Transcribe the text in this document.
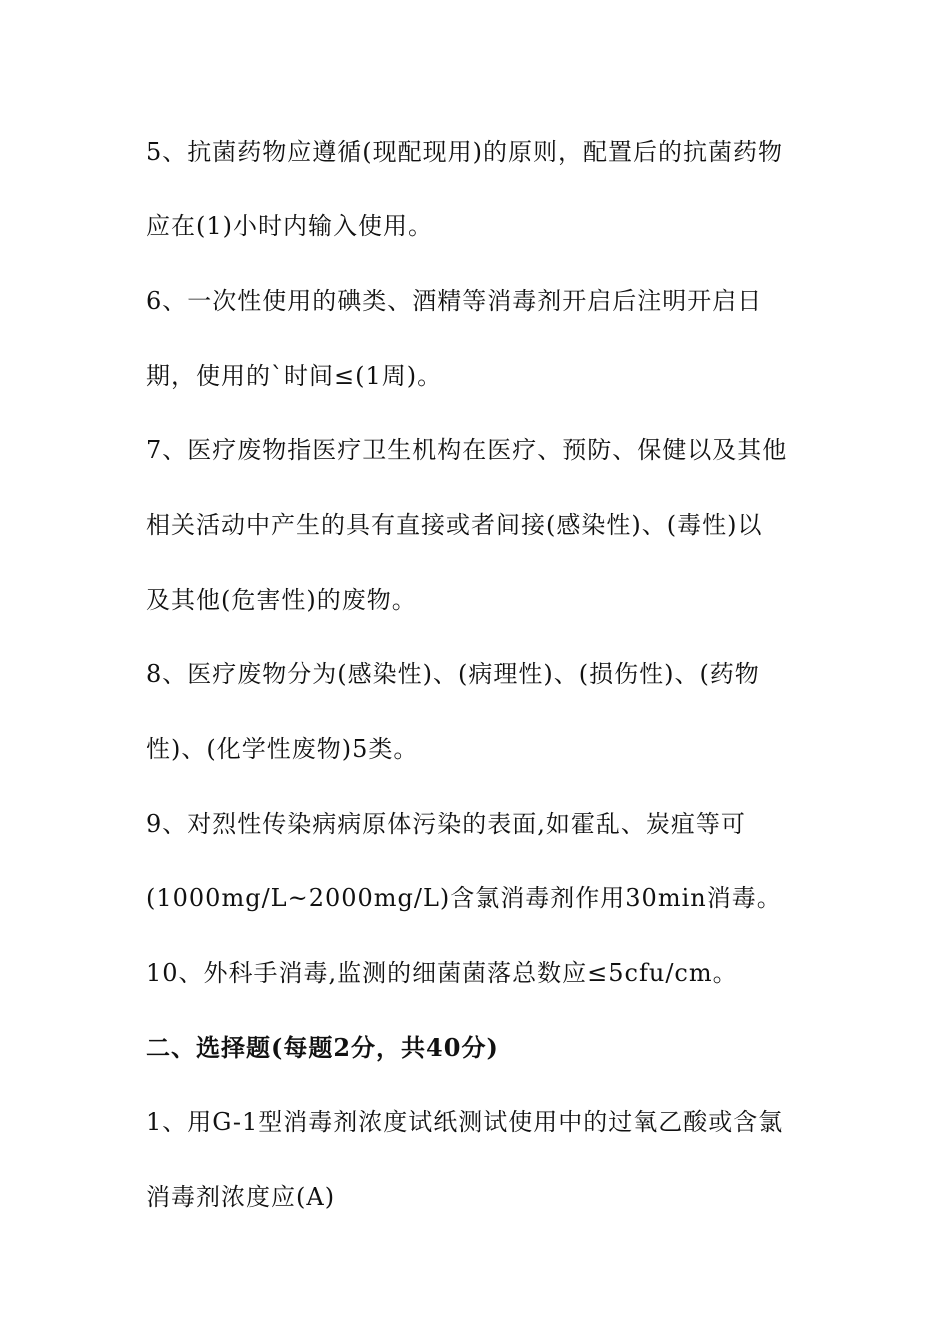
5、抗菌药物应遵循(现配现用)的原则，配置后的抗菌药物
应在(1)小时内输入使用。
6、一次性使用的碘类、酒精等消毒剂开启后注明开启日
期，使用的`时间≤(1周)。
7、医疗废物指医疗卫生机构在医疗、预防、保健以及其他
相关活动中产生的具有直接或者间接(感染性)、(毒性)以
及其他(危害性)的废物。
8、医疗废物分为(感染性)、(病理性)、(损伤性)、(药物
性)、(化学性废物)5类。
9、对烈性传染病病原体污染的表面,如霍乱、炭疽等可
(1000mg/L~2000mg/L)含氯消毒剂作用30min消毒。
10、外科手消毒,监测的细菌菌落总数应≤5cfu/cm。
二、选择题(每题2分，共40分)
1、用G-1型消毒剂浓度试纸测试使用中的过氧乙酸或含氯
消毒剂浓度应(A)
